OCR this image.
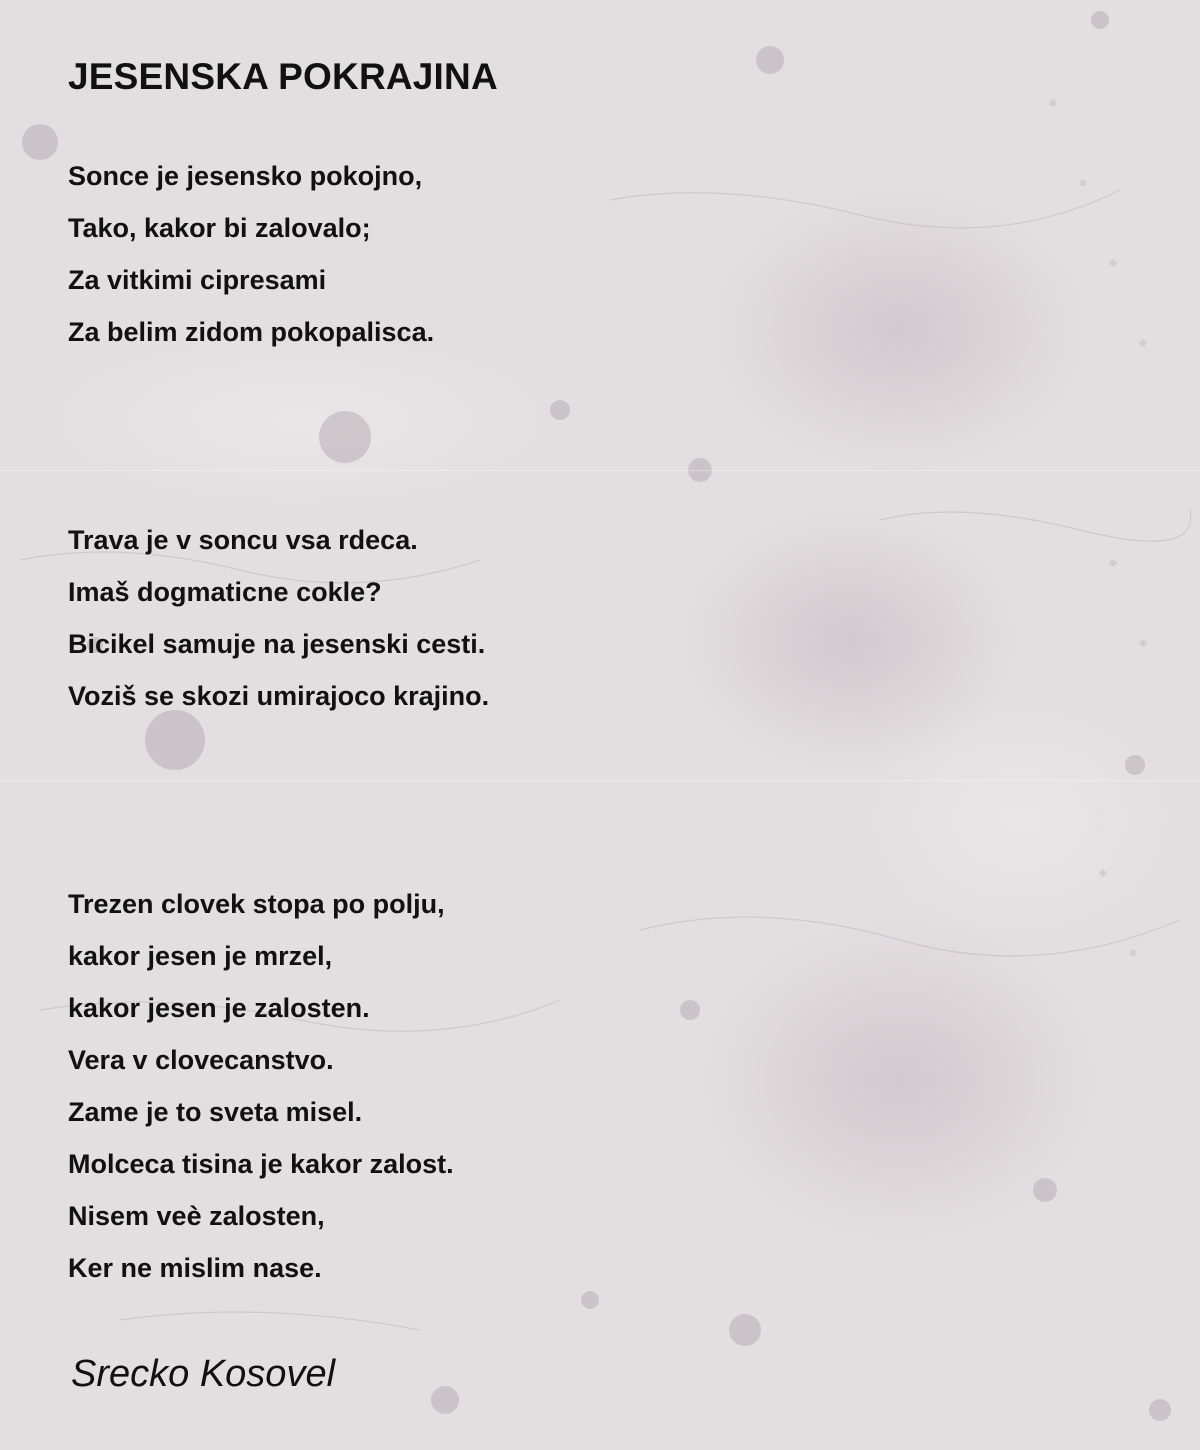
JESENSKA POKRAJINA
Sonce je jesensko pokojno,
Tako, kakor bi zalovalo;
Za vitkimi cipresami
Za belim zidom pokopalisca.
Trava je v soncu vsa rdeca.
Imaš dogmaticne cokle?
Bicikel samuje na jesenski cesti.
Voziš se skozi umirajoco krajino.
Trezen clovek stopa po polju,
kakor jesen je mrzel,
kakor jesen je zalosten.
Vera v clovecanstvo.
Zame je to sveta misel.
Molceca tisina je kakor zalost.
Nisem veè zalosten,
Ker ne mislim nase.

Srecko Kosovel
